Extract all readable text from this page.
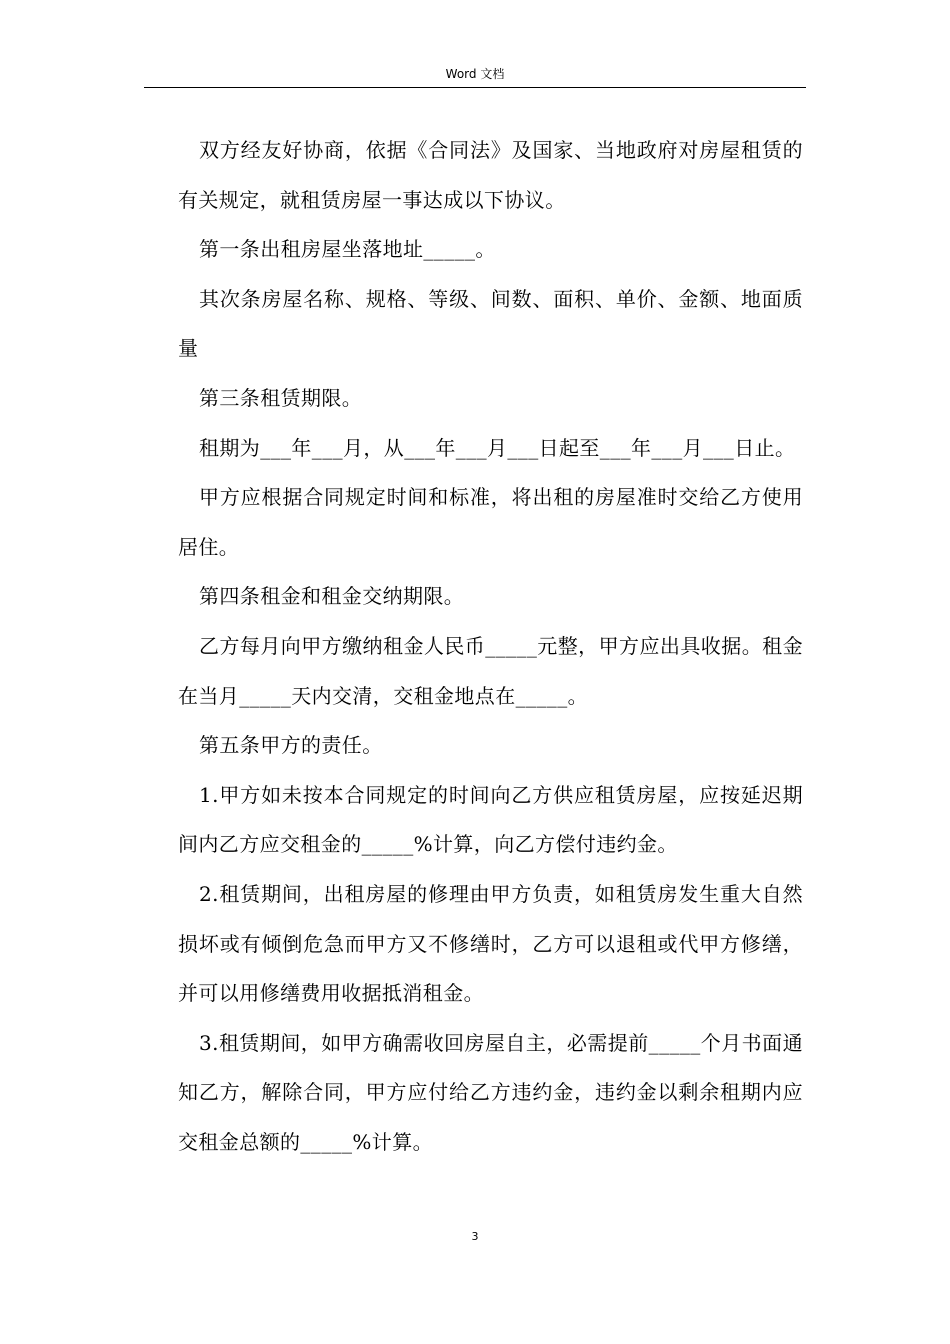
Word 文档

双方经友好协商，依据《合同法》及国家、当地政府对房屋租赁的有关规定，就租赁房屋一事达成以下协议。

第一条出租房屋坐落地址_____。

其次条房屋名称、规格、等级、间数、面积、单价、金额、地面质量

第三条租赁期限。

租期为___年___月，从___年___月___日起至___年___月___日止。

甲方应根据合同规定时间和标准，将出租的房屋准时交给乙方使用居住。

第四条租金和租金交纳期限。

乙方每月向甲方缴纳租金人民币_____元整，甲方应出具收据。租金在当月_____天内交清，交租金地点在_____。

第五条甲方的责任。

1.甲方如未按本合同规定的时间向乙方供应租赁房屋，应按延迟期间内乙方应交租金的_____%计算，向乙方偿付违约金。

2.租赁期间，出租房屋的修理由甲方负责，如租赁房发生重大自然损坏或有倾倒危急而甲方又不修缮时，乙方可以退租或代甲方修缮，并可以用修缮费用收据抵消租金。

3.租赁期间，如甲方确需收回房屋自主，必需提前_____个月书面通知乙方，解除合同，甲方应付给乙方违约金，违约金以剩余租期内应交租金总额的_____%计算。

3
